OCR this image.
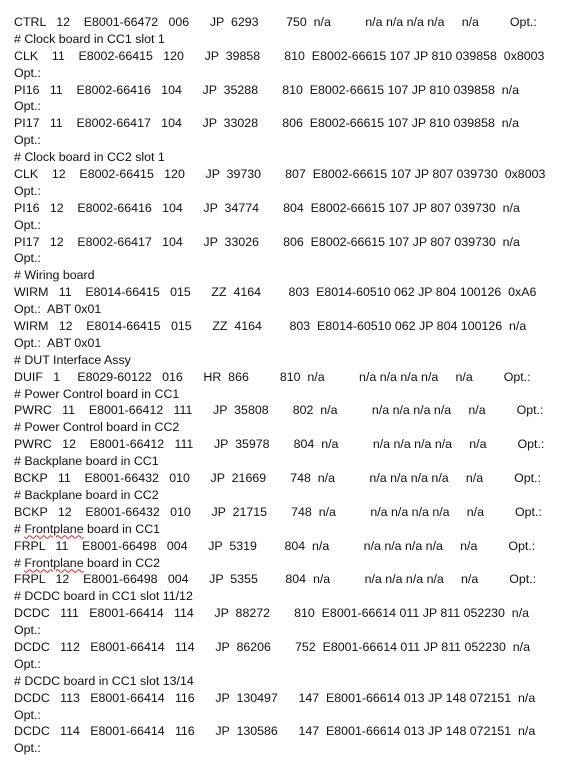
CTRL   12    E8001-66472   006      JP  6293        750  n/a          n/a n/a n/a n/a     n/a         Opt.:
# Clock board in CC1 slot 1
CLK    11    E8002-66415   120      JP  39858       810  E8002-66615 107 JP 810 039858  0x8003
Opt.:
PI16   11    E8002-66416   104      JP  35288       810  E8002-66615 107 JP 810 039858  n/a
Opt.:
PI17   11    E8002-66417   104      JP  33028       806  E8002-66615 107 JP 810 039858  n/a
Opt.:
# Clock board in CC2 slot 1
CLK    12    E8002-66415   120      JP  39730       807  E8002-66615 107 JP 807 039730  0x8003
Opt.:
PI16   12    E8002-66416   104      JP  34774       804  E8002-66615 107 JP 807 039730  n/a
Opt.:
PI17   12    E8002-66417   104      JP  33026       806  E8002-66615 107 JP 807 039730  n/a
Opt.:
# Wiring board
WIRM   11    E8014-66415   015      ZZ  4164        803  E8014-60510 062 JP 804 100126  0xA6
Opt.:  ABT 0x01
WIRM   12    E8014-66415   015      ZZ  4164        803  E8014-60510 062 JP 804 100126  n/a
Opt.:  ABT 0x01
# DUT Interface Assy
DUIF   1     E8029-60122   016      HR  866         810  n/a          n/a n/a n/a n/a     n/a         Opt.:
# Power Control board in CC1
PWRC   11    E8001-66412   111      JP  35808       802  n/a          n/a n/a n/a n/a     n/a         Opt.:
# Power Control board in CC2
PWRC   12    E8001-66412   111      JP  35978       804  n/a          n/a n/a n/a n/a     n/a         Opt.:
# Backplane board in CC1
BCKP   11    E8001-66432   010      JP  21669       748  n/a          n/a n/a n/a n/a     n/a         Opt.:
# Backplane board in CC2
BCKP   12    E8001-66432   010      JP  21715       748  n/a          n/a n/a n/a n/a     n/a         Opt.:
# Frontplane board in CC1
FRPL   11    E8001-66498   004      JP  5319        804  n/a          n/a n/a n/a n/a     n/a         Opt.:
# Frontplane board in CC2
FRPL   12    E8001-66498   004      JP  5355        804  n/a          n/a n/a n/a n/a     n/a         Opt.:
# DCDC board in CC1 slot 11/12
DCDC   111   E8001-66414   114      JP  88272       810  E8001-66614 011 JP 811 052230  n/a
Opt.:
DCDC   112   E8001-66414   114      JP  86206       752  E8001-66614 011 JP 811 052230  n/a
Opt.:
# DCDC board in CC1 slot 13/14
DCDC   113   E8001-66414   116      JP  130497      147  E8001-66614 013 JP 148 072151  n/a
Opt.:
DCDC   114   E8001-66414   116      JP  130586      147  E8001-66614 013 JP 148 072151  n/a
Opt.:
